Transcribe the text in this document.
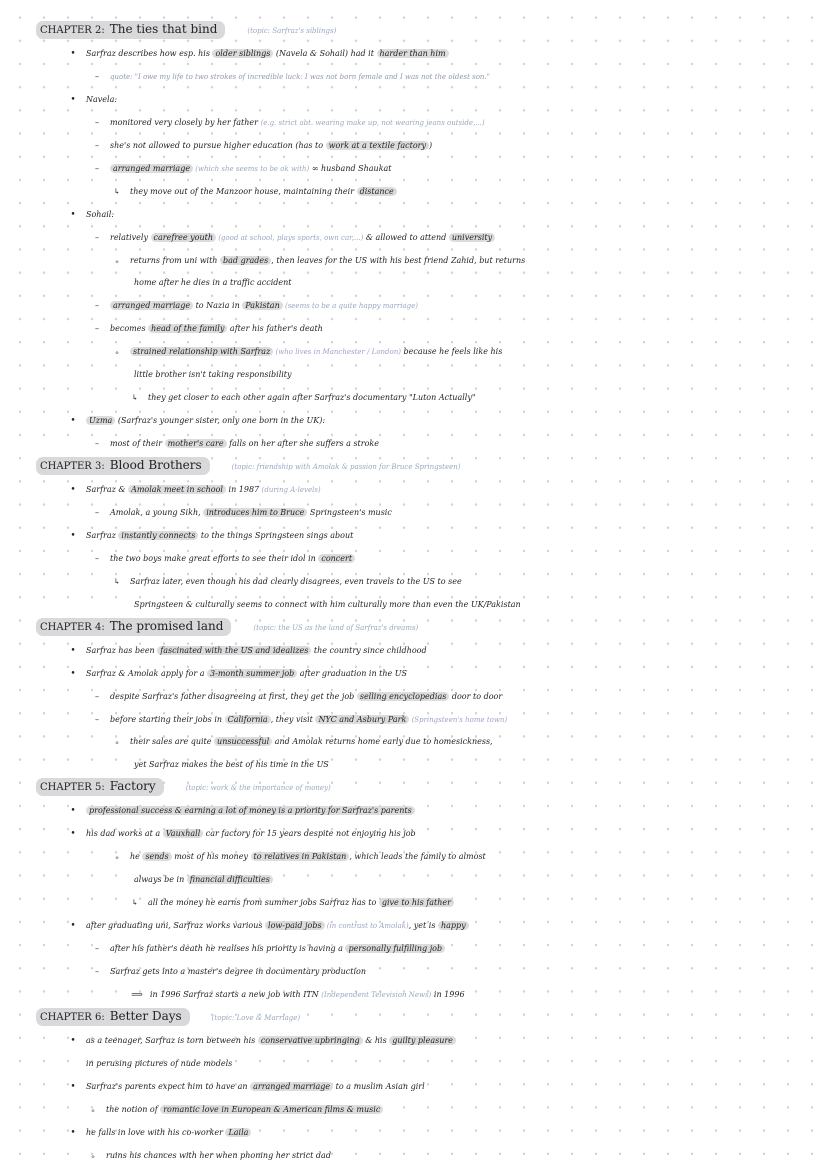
CHAPTER 2: The ties that bind	(topic: Sarfraz's siblings)
• Sarfraz describes how esp. his older siblings (Navela & Sohail) had it harder than him
– quote: "I owe my life to two strokes of incredible luck: I was not born female and I was not the oldest son."
• Navela:
– monitored very closely by her father (e.g. strict abt. wearing make up, not wearing jeans outside,...)
– she's not allowed to pursue higher education (has to work at a textile factory )
– arranged marriage (which she seems to be ok with) ∞ husband Shaukat
↳ they move out of the Manzoor house, maintaining their distance
• Sohail:
– relatively carefree youth (good at school, plays sports, own car,...) & allowed to attend university
ₒ returns from uni with bad grades , then leaves for the US with his best friend Zahid, but returns
home after he dies in a traffic accident
– arranged marriage to Nazia in Pakistan (seems to be a quite happy marriage)
– becomes head of the family after his father's death
ₒ strained relationship with Sarfraz (who lives in Manchester / London) because he feels like his
little brother isn't taking responsibility
↳ they get closer to each other again after Sarfraz's documentary "Luton Actually"
• Uzma (Sarfraz's younger sister, only one born in the UK):
– most of their mother's care falls on her after she suffers a stroke
CHAPTER 3: Blood Brothers	(topic: friendship with Amolak & passion for Bruce Springsteen)
• Sarfraz & Amolak meet in school in 1987 (during A-levels)
– Amolak, a young Sikh, introduces him to Bruce Springsteen's music
• Sarfraz instantly connects to the things Springsteen sings about
– the two boys make great efforts to see their idol in concert
↳ Sarfraz later, even though his dad clearly disagrees, even travels to the US to see
Springsteen & culturally seems to connect with him culturally more than even the UK/Pakistan
CHAPTER 4: The promised land	(topic: the US as the land of Sarfraz's dreams)
• Sarfraz has been fascinated with the US and idealizes the country since childhood
• Sarfraz & Amolak apply for a 3-month summer job after graduation in the US
– despite Sarfraz's father disagreeing at first, they get the job selling encyclopedias door to door
– before starting their jobs in California , they visit NYC and Asbury Park (Springsteen's home town)
ₒ their sales are quite unsuccessful and Amolak returns home early due to homesickness,
yet Sarfraz makes the best of his time in the US
CHAPTER 5: Factory	(topic: work & the importance of money)
• professional success & earning a lot of money is a priority for Sarfraz's parents
• his dad works at a Vauxhall car factory for 15 years despite not enjoying his job
ₒ he sends most of his money to relatives in Pakistan , which leads the family to almost
always be in financial difficulties
↳ all the money he earns from summer jobs Sarfraz has to give to his father
• after graduating uni, Sarfraz works various low-paid jobs (in contrast to Amolak), yet is happy
– after his father's death he realises his priority is having a personally fulfilling job
– Sarfraz gets into a master's degree in documentary production
⟹ in 1996 Sarfraz starts a new job with ITN (Independent Television News) in 1996
CHAPTER 6: Better Days	(topic: Love & Marriage)
• as a teenager, Sarfraz is torn between his conservative upbringing & his guilty pleasure
in perusing pictures of nude models
• Sarfraz's parents expect him to have an arranged marriage to a muslim Asian girl
ₒ the notion of romantic love in European & American films & music
• he falls in love with his co-worker Laila
ₒ ruins his chances with her when phoning her strict dad
